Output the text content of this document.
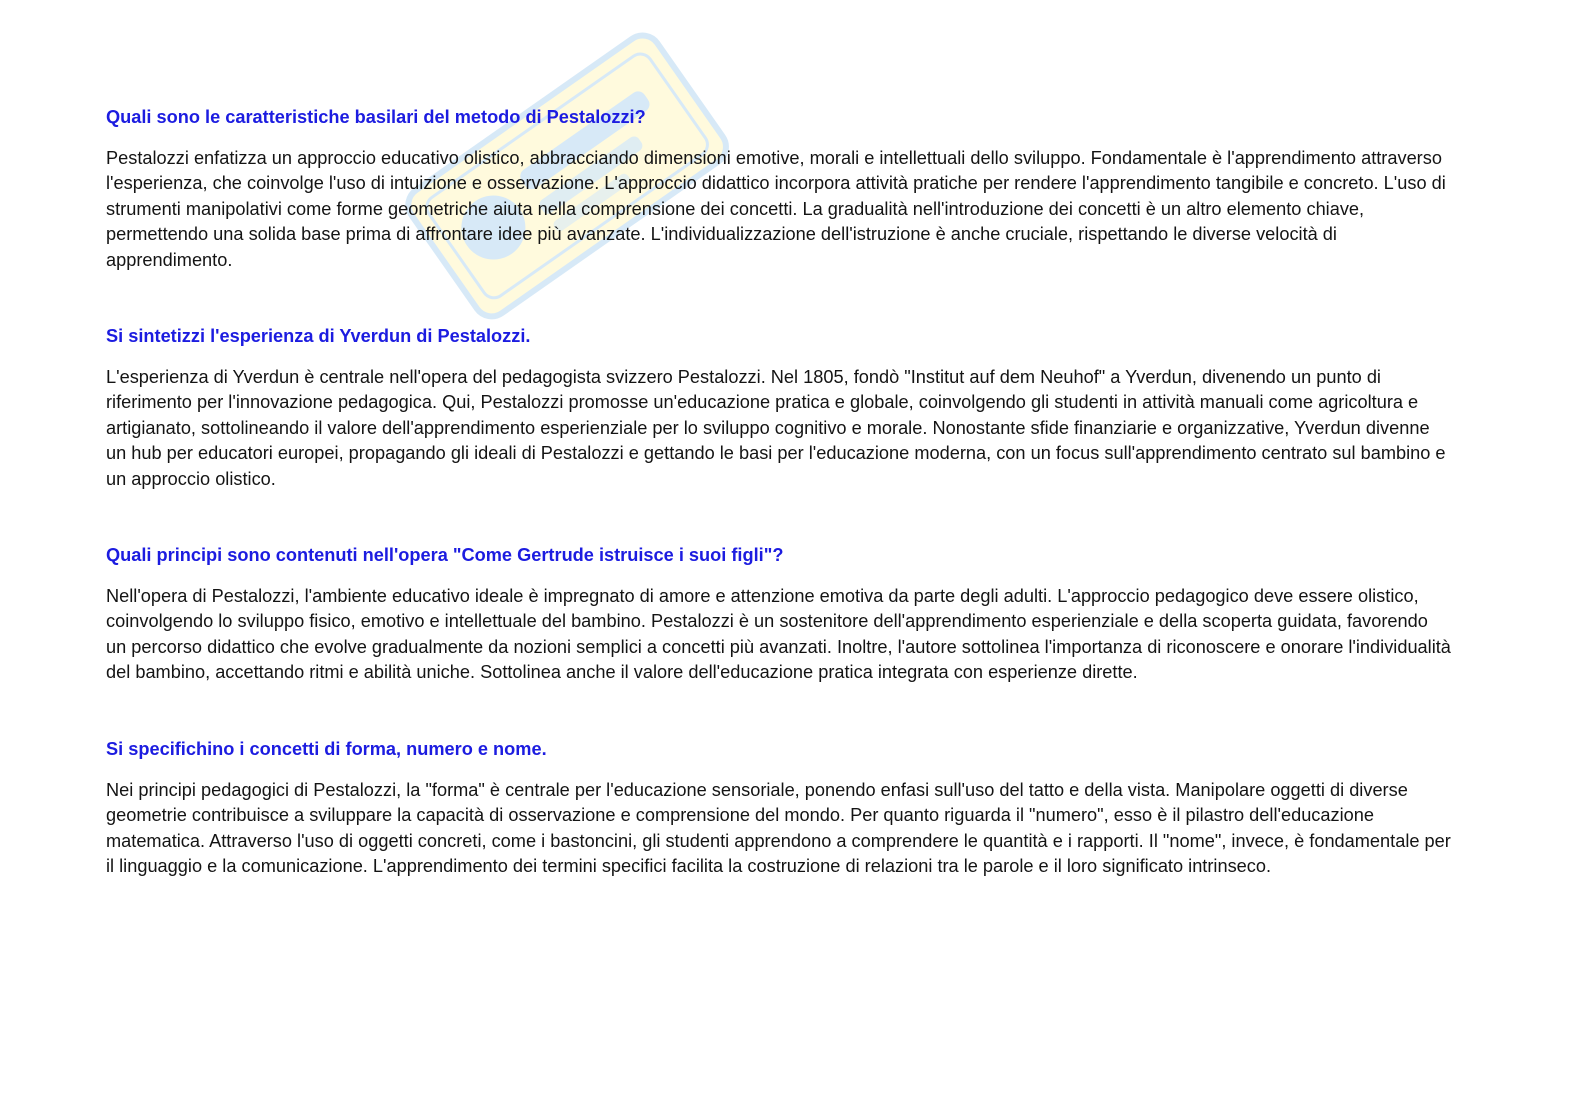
Quali sono le caratteristiche basilari del metodo di Pestalozzi?

Pestalozzi enfatizza un approccio educativo olistico, abbracciando dimensioni emotive, morali e intellettuali dello sviluppo. Fondamentale è l'apprendimento attraverso l'esperienza, che coinvolge l'uso di intuizione e osservazione. L'approccio didattico incorpora attività pratiche per rendere l'apprendimento tangibile e concreto. L'uso di strumenti manipolativi come forme geometriche aiuta nella comprensione dei concetti. La gradualità nell'introduzione dei concetti è un altro elemento chiave, permettendo una solida base prima di affrontare idee più avanzate. L'individualizzazione dell'istruzione è anche cruciale, rispettando le diverse velocità di apprendimento.

Si sintetizzi l'esperienza di Yverdun di Pestalozzi.

L'esperienza di Yverdun è centrale nell'opera del pedagogista svizzero Pestalozzi. Nel 1805, fondò "Institut auf dem Neuhof" a Yverdun, divenendo un punto di riferimento per l'innovazione pedagogica. Qui, Pestalozzi promosse un'educazione pratica e globale, coinvolgendo gli studenti in attività manuali come agricoltura e artigianato, sottolineando il valore dell'apprendimento esperienziale per lo sviluppo cognitivo e morale. Nonostante sfide finanziarie e organizzative, Yverdun divenne un hub per educatori europei, propagando gli ideali di Pestalozzi e gettando le basi per l'educazione moderna, con un focus sull'apprendimento centrato sul bambino e un approccio olistico.

Quali principi sono contenuti nell'opera "Come Gertrude istruisce i suoi figli"?

Nell'opera di Pestalozzi, l'ambiente educativo ideale è impregnato di amore e attenzione emotiva da parte degli adulti. L'approccio pedagogico deve essere olistico, coinvolgendo lo sviluppo fisico, emotivo e intellettuale del bambino. Pestalozzi è un sostenitore dell'apprendimento esperienziale e della scoperta guidata, favorendo un percorso didattico che evolve gradualmente da nozioni semplici a concetti più avanzati. Inoltre, l'autore sottolinea l'importanza di riconoscere e onorare l'individualità del bambino, accettando ritmi e abilità uniche. Sottolinea anche il valore dell'educazione pratica integrata con esperienze dirette.

Si specifichino i concetti di forma, numero e nome.

Nei principi pedagogici di Pestalozzi, la "forma" è centrale per l'educazione sensoriale, ponendo enfasi sull'uso del tatto e della vista. Manipolare oggetti di diverse geometrie contribuisce a sviluppare la capacità di osservazione e comprensione del mondo. Per quanto riguarda il "numero", esso è il pilastro dell'educazione matematica. Attraverso l'uso di oggetti concreti, come i bastoncini, gli studenti apprendono a comprendere le quantità e i rapporti. Il "nome", invece, è fondamentale per il linguaggio e la comunicazione. L'apprendimento dei termini specifici facilita la costruzione di relazioni tra le parole e il loro significato intrinseco.
